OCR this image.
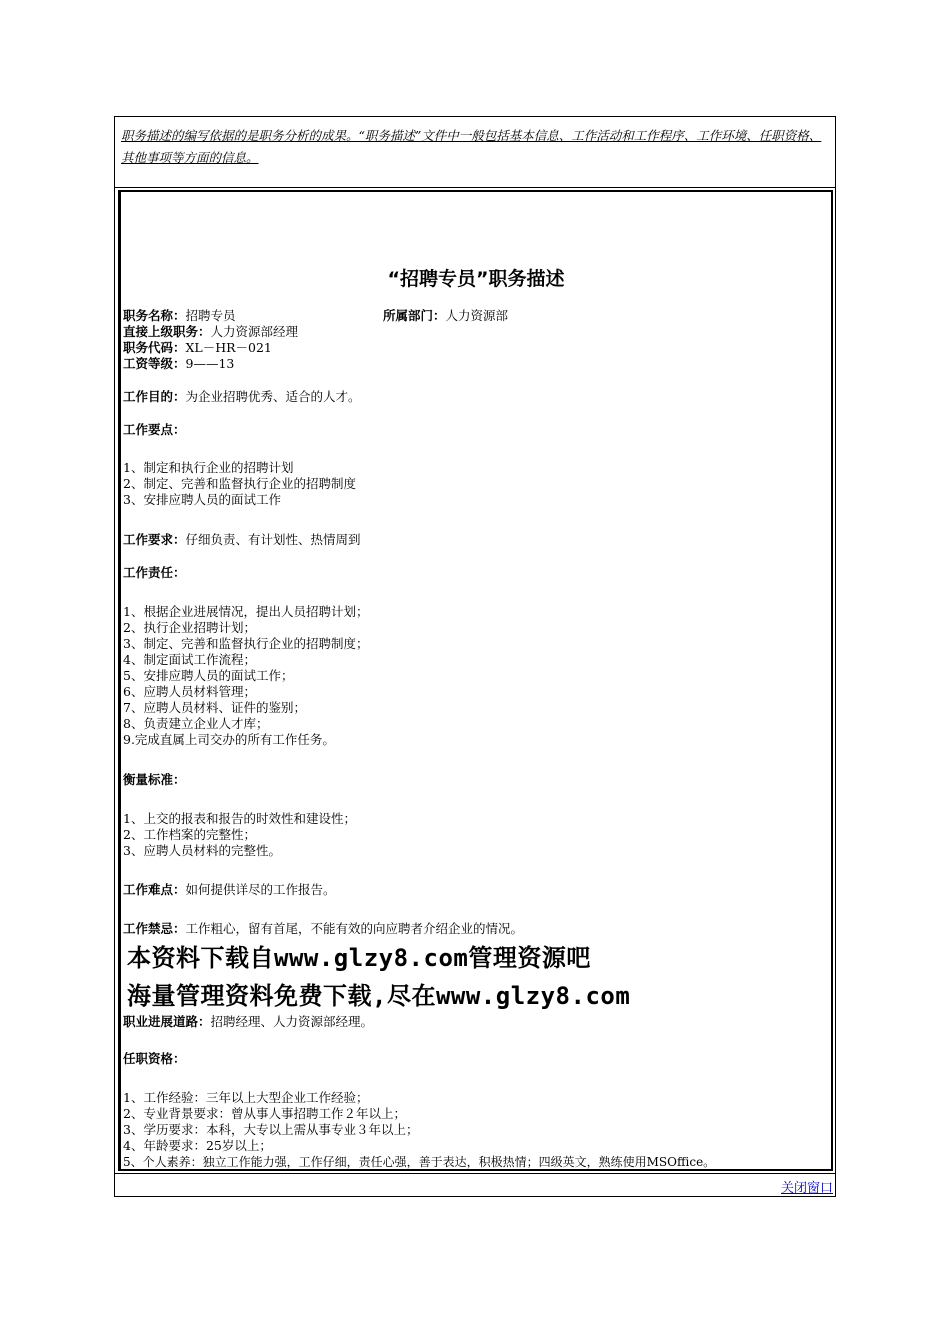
职务描述的编写依据的是职务分析的成果。“职务描述”文件中一般包括基本信息、工作活动和工作程序、工作环境、任职资格、其他事项等方面的信息。
“招聘专员”职务描述
职务名称：招聘专员	所属部门：人力资源部
直接上级职务：人力资源部经理
职务代码：XL－HR－021
工资等级：9——13
工作目的：为企业招聘优秀、适合的人才。
工作要点：
1、制定和执行企业的招聘计划
2、制定、完善和监督执行企业的招聘制度
3、安排应聘人员的面试工作
工作要求：仔细负责、有计划性、热情周到
工作责任：
1、根据企业进展情况，提出人员招聘计划；
2、执行企业招聘计划；
3、制定、完善和监督执行企业的招聘制度；
4、制定面试工作流程；
5、安排应聘人员的面试工作；
6、应聘人员材料管理；
7、应聘人员材料、证件的鉴别；
8、负责建立企业人才库；
9.完成直属上司交办的所有工作任务。
衡量标准：
1、上交的报表和报告的时效性和建设性；
2、工作档案的完整性；
3、应聘人员材料的完整性。
工作难点：如何提供详尽的工作报告。
工作禁忌：工作粗心，留有首尾，不能有效的向应聘者介绍企业的情况。
本资料下载自www.glzy8.com管理资源吧
海量管理资料免费下载,尽在www.glzy8.com
职业进展道路：招聘经理、人力资源部经理。
任职资格：
1、工作经验：三年以上大型企业工作经验；
2、专业背景要求：曾从事人事招聘工作２年以上；
3、学历要求：本科，大专以上需从事专业３年以上；
4、年龄要求：25岁以上；
5、个人素养：独立工作能力强，工作仔细，责任心强，善于表达，积极热情；四级英文，熟练使用MSOffice。
关闭窗口
